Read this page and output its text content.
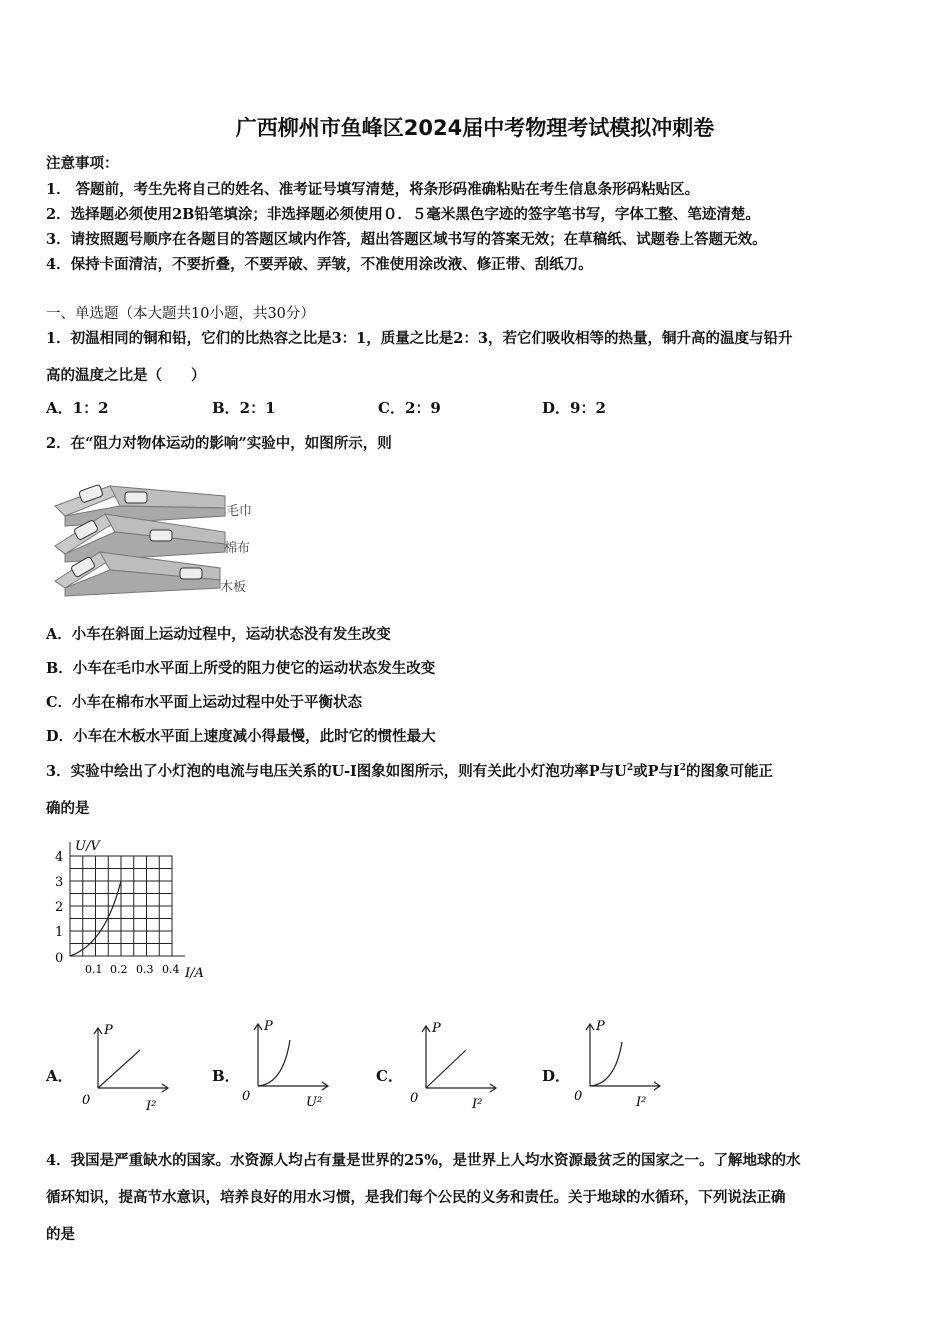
广西柳州市鱼峰区2024届中考物理考试模拟冲刺卷
注意事项：
1． 答题前，考生先将自己的姓名、准考证号填写清楚，将条形码准确粘贴在考生信息条形码粘贴区。
2．选择题必须使用2B铅笔填涂；非选择题必须使用０．５毫米黑色字迹的签字笔书写，字体工整、笔迹清楚。
3．请按照题号顺序在各题目的答题区域内作答，超出答题区域书写的答案无效；在草稿纸、试题卷上答题无效。
4．保持卡面清洁，不要折叠，不要弄破、弄皱，不准使用涂改液、修正带、刮纸刀。
一、单选题（本大题共10小题，共30分）
1．初温相同的铜和铅，它们的比热容之比是3：1，质量之比是2：3，若它们吸收相等的热量，铜升高的温度与铅升
高的温度之比是（　　）
A．1：2	B．2：1	C．2：9	D．9：2
2．在“阻力对物体运动的影响”实验中，如图所示，则
毛巾
棉布
木板
A．小车在斜面上运动过程中，运动状态没有发生改变
B．小车在毛巾水平面上所受的阻力使它的运动状态发生改变
C．小车在棉布水平面上运动过程中处于平衡状态
D．小车在木板水平面上速度减小得最慢，此时它的惯性最大
3．实验中绘出了小灯泡的电流与电压关系的U-I图象如图所示，则有关此小灯泡功率P与$U^2$或P与$I^2$的图象可能正
确的是
U/V
I/A
4
3
2
1
0
0.1 0.2 0.3 0.4
A．
P
0	I²
B．
P
0	U²
C．
P
0	I²
D．
P
0	I²
4．我国是严重缺水的国家。水资源人均占有量是世界的25%，是世界上人均水资源最贫乏的国家之一。了解地球的水
循环知识，提高节水意识，培养良好的用水习惯，是我们每个公民的义务和责任。关于地球的水循环，下列说法正确
的是
